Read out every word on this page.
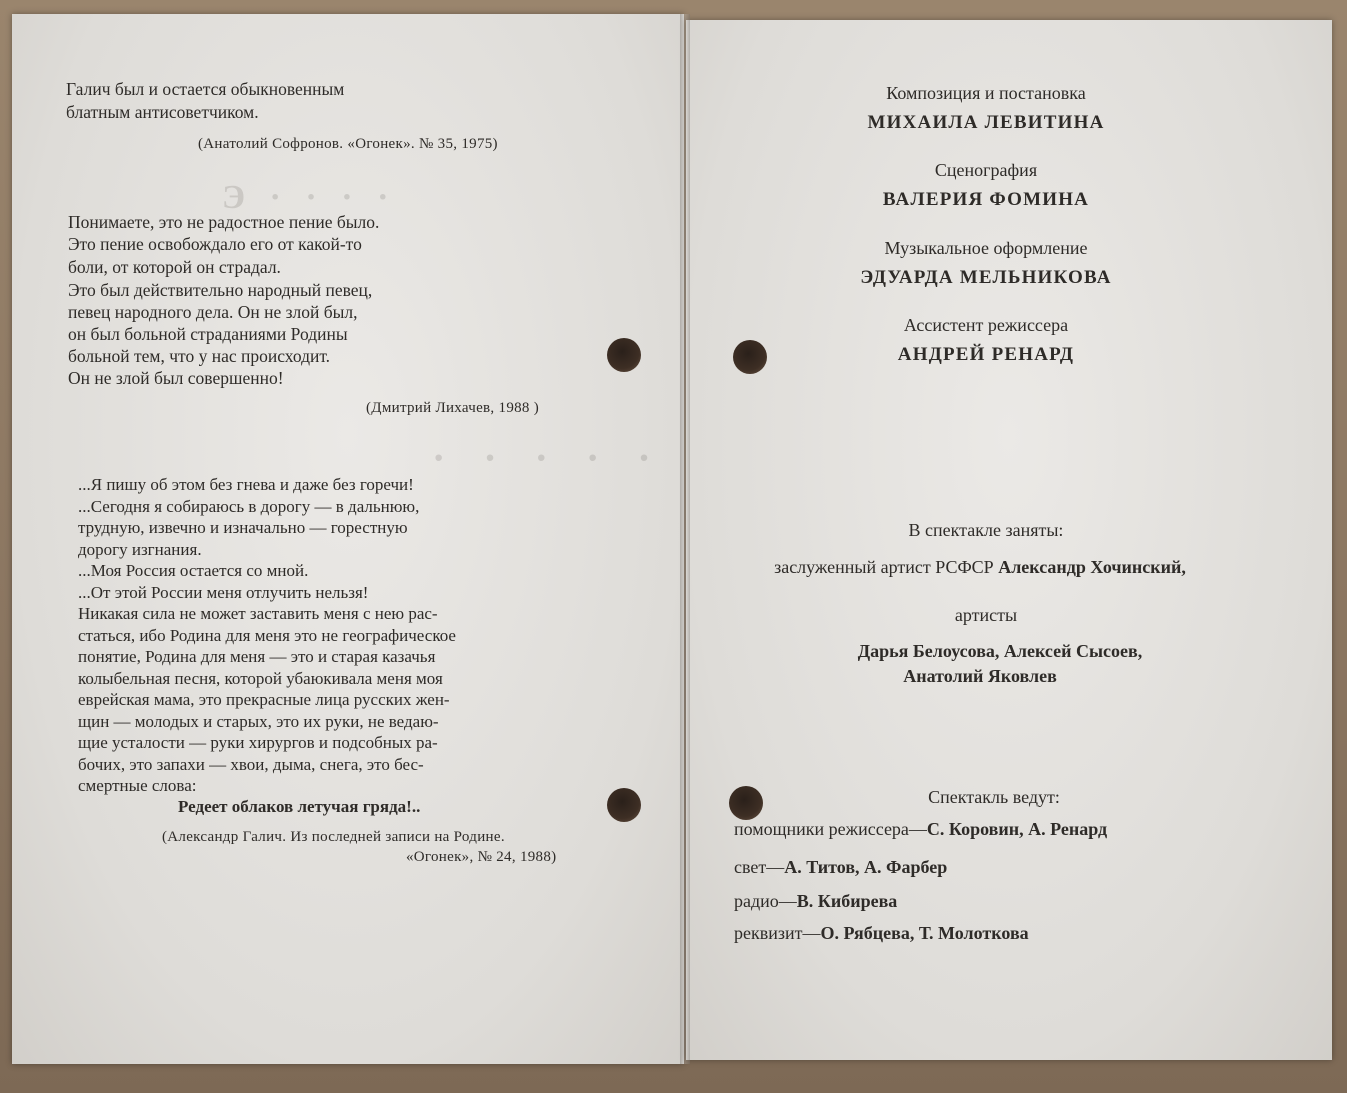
Э · · · ·
· · · · ·
Галич был и остается обыкновенным
блатным антисоветчиком.
(Анатолий Софронов. «Огонек». № 35, 1975)
Понимаете, это не радостное пение было.
Это пение освобождало его от какой-то
боли, от которой он страдал.
Это был действительно народный певец,
певец народного дела. Он не злой был,
он был больной страданиями Родины
больной тем, что у нас происходит.
Он не злой был совершенно!
(Дмитрий Лихачев, 1988 )
...Я пишу об этом без гнева и даже без горечи!
...Сегодня я собираюсь в дорогу — в дальнюю,
трудную, извечно и изначально — горестную
дорогу изгнания.
...Моя Россия остается со мной.
...От этой России меня отлучить нельзя!
Никакая сила не может заставить меня с нею рас-
статься, ибо Родина для меня это не географическое
понятие, Родина для меня — это и старая казачья
колыбельная песня, которой убаюкивала меня моя
еврейская мама, это прекрасные лица русских жен-
щин — молодых и старых, это их руки, не ведаю-
щие усталости — руки хирургов и подсобных ра-
бочих, это запахи — хвои, дыма, снега, это бес-
смертные слова:
Редеет облаков летучая гряда!..
(Александр Галич. Из последней записи на Родине.
«Огонек», № 24, 1988)
Композиция и постановка
МИХАИЛА ЛЕВИТИНА
Сценография
ВАЛЕРИЯ ФОМИНА
Музыкальное оформление
ЭДУАРДА МЕЛЬНИКОВА
Ассистент режиссера
АНДРЕЙ РЕНАРД
В спектакле заняты:
заслуженный артист РСФСР Александр Хочинский,
артисты
Дарья Белоусова, Алексей Сысоев,
Анатолий Яковлев
Спектакль ведут:
помощники режиссера—С. Коровин, А. Ренард
свет—А. Титов, А. Фарбер
радио—В. Кибирева
реквизит—О. Рябцева, Т. Молоткова
